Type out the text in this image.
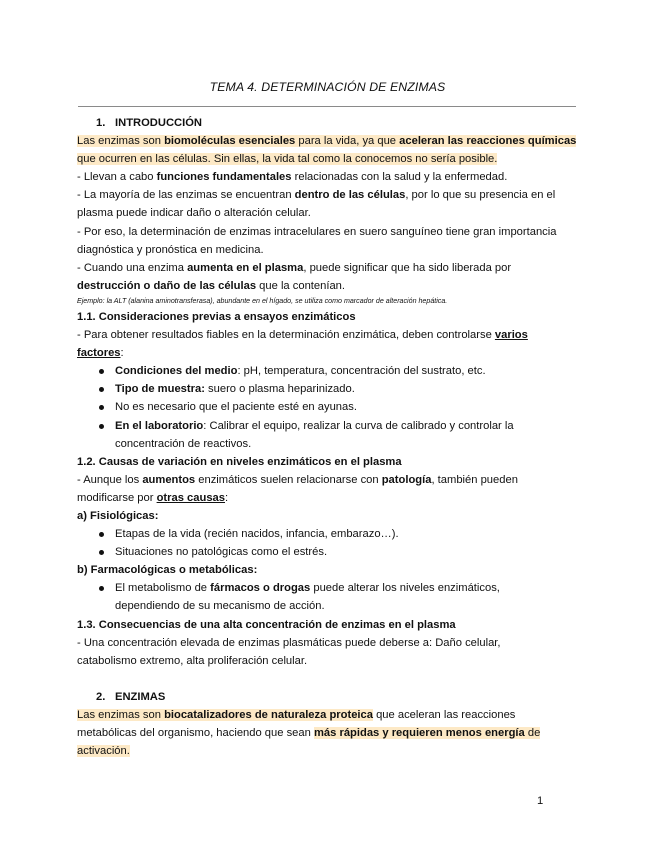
TEMA 4. DETERMINACIÓN DE ENZIMAS
1. INTRODUCCIÓN
Las enzimas son biomoléculas esenciales para la vida, ya que aceleran las reacciones químicas
que ocurren en las células. Sin ellas, la vida tal como la conocemos no sería posible.
- Llevan a cabo funciones fundamentales relacionadas con la salud y la enfermedad.
- La mayoría de las enzimas se encuentran dentro de las células, por lo que su presencia en el
plasma puede indicar daño o alteración celular.
- Por eso, la determinación de enzimas intracelulares en suero sanguíneo tiene gran importancia
diagnóstica y pronóstica en medicina.
- Cuando una enzima aumenta en el plasma, puede significar que ha sido liberada por
destrucción o daño de las células que la contenían.
Ejemplo: la ALT (alanina aminotransferasa), abundante en el hígado, se utiliza como marcador de alteración hepática.
1.1. Consideraciones previas a ensayos enzimáticos
- Para obtener resultados fiables en la determinación enzimática, deben controlarse varios
factores:
Condiciones del medio: pH, temperatura, concentración del sustrato, etc.
Tipo de muestra: suero o plasma heparinizado.
No es necesario que el paciente esté en ayunas.
En el laboratorio: Calibrar el equipo, realizar la curva de calibrado y controlar la
concentración de reactivos.
1.2. Causas de variación en niveles enzimáticos en el plasma
- Aunque los aumentos enzimáticos suelen relacionarse con patología, también pueden
modificarse por otras causas:
a) Fisiológicas:
Etapas de la vida (recién nacidos, infancia, embarazo…).
Situaciones no patológicas como el estrés.
b) Farmacológicas o metabólicas:
El metabolismo de fármacos o drogas puede alterar los niveles enzimáticos,
dependiendo de su mecanismo de acción.
1.3. Consecuencias de una alta concentración de enzimas en el plasma
- Una concentración elevada de enzimas plasmáticas puede deberse a: Daño celular,
catabolismo extremo, alta proliferación celular.
2. ENZIMAS
Las enzimas son biocatalizadores de naturaleza proteica que aceleran las reacciones
metabólicas del organismo, haciendo que sean más rápidas y requieren menos energía de
activación.
1
